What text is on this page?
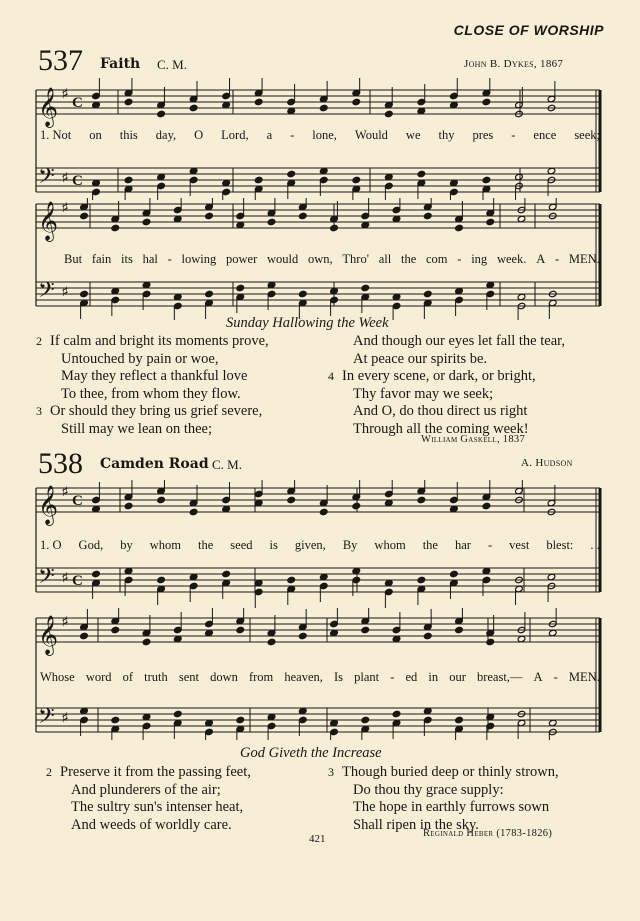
CLOSE OF WORSHIP
537 Faith C. M.	John B. Dykes, 1867
𝄞
𝄢
♯
♯
C
C
1. Not on this day, O Lord, a - lone, Would we thy pres - ence seek;
𝄞
𝄢
♯
♯
But fain its hal - lowing power would own, Thro' all the com - ing week. A - MEN.
Sunday Hallowing the Week
2 If calm and bright its moments prove,
Untouched by pain or woe,
May they reflect a thankful love
To thee, from whom they flow.
3 Or should they bring us grief severe,
Still may we lean on thee;
And though our eyes let fall the tear,
At peace our spirits be.
4 In every scene, or dark, or bright,
Thy favor may we seek;
And O, do thou direct us right
Through all the coming week!
William Gaskell, 1837
538 Camden Road C. M.	A. Hudson
𝄞
𝄢
♯
♯
C
C
1. O God, by whom the seed is given, By whom the har - vest blest: . .
𝄞
𝄢
♯
♯
Whose word of truth sent down from heaven, Is plant - ed in our breast,— A - MEN.
God Giveth the Increase
2 Preserve it from the passing feet,
And plunderers of the air;
The sultry sun's intenser heat,
And weeds of worldly care.
3 Though buried deep or thinly strown,
Do thou thy grace supply:
The hope in earthly furrows sown
Shall ripen in the sky.
421	Reginald Heber (1783-1826)
